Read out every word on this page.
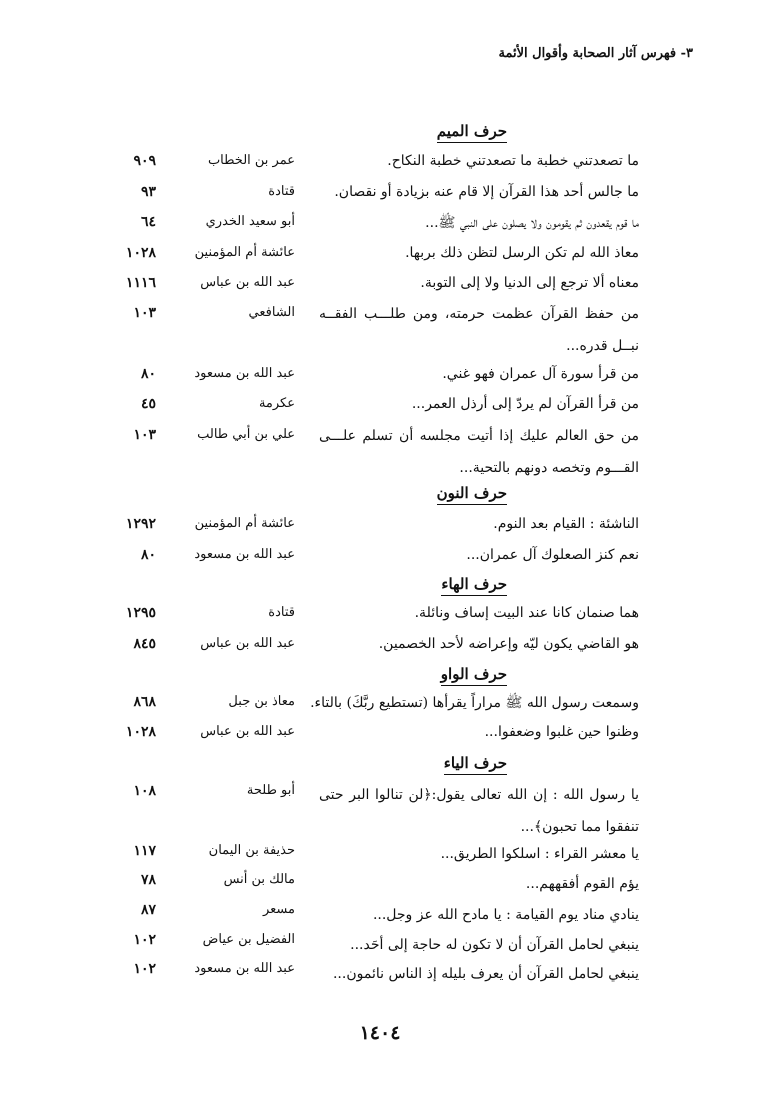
٣- فهرس آثار الصحابة وأقوال الأئمة
حرف الميم
ما تصعدتني خطبة ما تصعدتني خطبة النكاح.
عمر بن الخطاب
٩٠٩
ما جالس أحد هذا القرآن إلا قام عنه بزيادة أو نقصان.
قتادة
٩٣
ما قوم يقعدون ثم يقومون ولا يصلون على النبي ﷺ...
أبو سعيد الخدري
٦٤
معاذ الله لم تكن الرسل لتظن ذلك بربها.
عائشة أم المؤمنين
١٠٢٨
معناه ألا ترجع إلى الدنيا ولا إلى التوبة.
عبد الله بن عباس
١١١٦
من حفظ القرآن عظمت حرمته، ومن طلـــب الفقــه نبــل قدره...
الشافعي
١٠٣
من قرأ سورة آل عمران فهو غني.
عبد الله بن مسعود
٨٠
من قرأ القرآن لم يردّ إلى أرذل العمر...
عكرمة
٤٥
من حق العالم عليك إذا أتيت مجلسه أن تسلم علـــى القـــوم وتخصه دونهم بالتحية...
علي بن أبي طالب
١٠٣
حرف النون
الناشئة : القيام بعد النوم.
عائشة أم المؤمنين
١٢٩٢
نعم كنز الصعلوك آل عمران...
عبد الله بن مسعود
٨٠
حرف الهاء
هما صنمان كانا عند البيت إساف ونائلة.
قتادة
١٢٩٥
هو القاضي يكون ليّه وإعراضه لأحد الخصمين.
عبد الله بن عباس
٨٤٥
حرف الواو
وسمعت رسول الله ﷺ مراراً يقرأها (تستطيع ربَّكَ) بالتاء.
معاذ بن جبل
٨٦٨
وظنوا حين غلبوا وضعفوا...
عبد الله بن عباس
١٠٢٨
حرف الياء
يا رسول الله : إن الله تعالى يقول:﴿لن تنالوا البر حتى تنفقوا مما تحبون﴾...
أبو طلحة
١٠٨
يا معشر القراء : اسلكوا الطريق...
حذيفة بن اليمان
١١٧
يؤم القوم أفقههم...
مالك بن أنس
٧٨
ينادي مناد يوم القيامة : يا مادح الله عز وجل...
مسعر
٨٧
ينبغي لحامل القرآن أن لا تكون له حاجة إلى أحَد...
الفضيل بن عياض
١٠٢
ينبغي لحامل القرآن أن يعرف بليله إذ الناس نائمون...
عبد الله بن مسعود
١٠٢
١٤٠٤
